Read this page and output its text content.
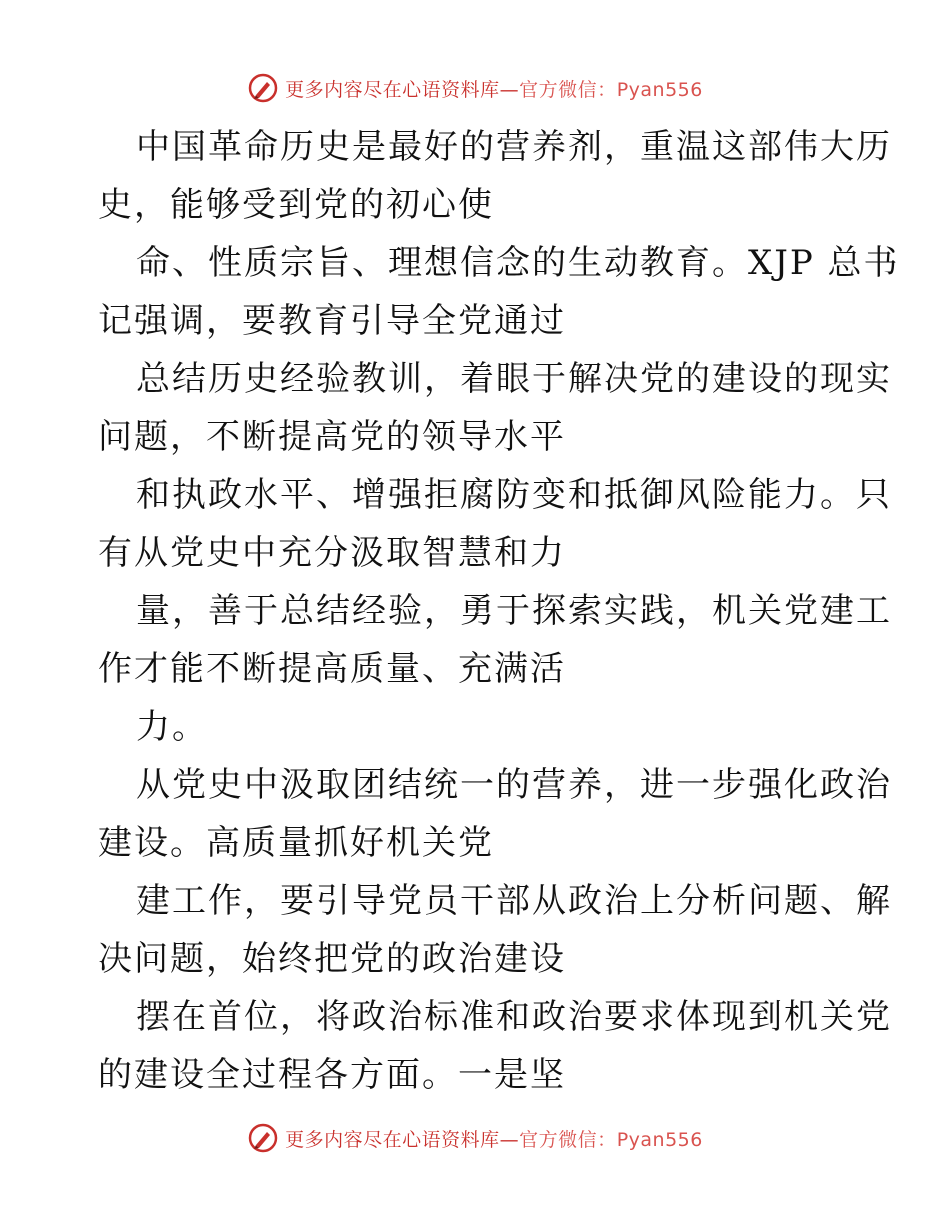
更多内容尽在心语资料库—官方微信：Pyan556
中国革命历史是最好的营养剂，重温这部伟大历
史，能够受到党的初心使
命、性质宗旨、理想信念的生动教育。XJP 总书
记强调，要教育引导全党通过
总结历史经验教训，着眼于解决党的建设的现实
问题，不断提高党的领导水平
和执政水平、增强拒腐防变和抵御风险能力。只
有从党史中充分汲取智慧和力
量，善于总结经验，勇于探索实践，机关党建工
作才能不断提高质量、充满活
力。
从党史中汲取团结统一的营养，进一步强化政治
建设。高质量抓好机关党
建工作，要引导党员干部从政治上分析问题、解
决问题，始终把党的政治建设
摆在首位，将政治标准和政治要求体现到机关党
的建设全过程各方面。一是坚
更多内容尽在心语资料库—官方微信：Pyan556
